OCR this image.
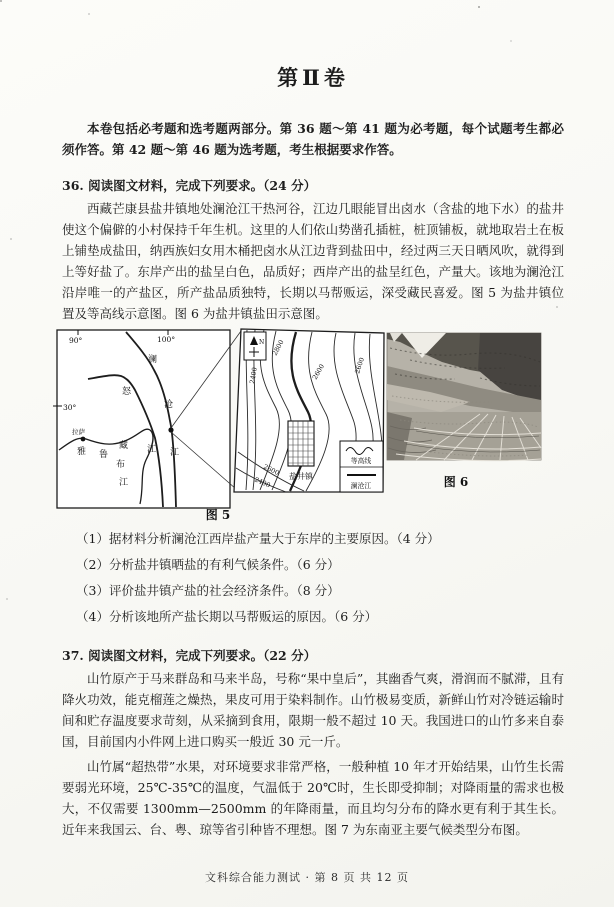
第Ⅱ卷

本卷包括必考题和选考题两部分。第 36 题～第 41 题为必考题，每个试题考生都必须作答。第 42 题～第 46 题为选考题，考生根据要求作答。

36. 阅读图文材料，完成下列要求。（24 分）

西藏芒康县盐井镇地处澜沧江干热河谷，江边几眼能冒出卤水（含盐的地下水）的盐井使这个偏僻的小村保持千年生机。这里的人们依山势凿孔插桩，桩顶铺板，就地取岩土在板上铺垫成盐田，纳西族妇女用木桶把卤水从江边背到盐田中，经过两三天日晒风吹，就得到上等好盐了。东岸产出的盐呈白色，品质好；西岸产出的盐呈红色，产量大。该地为澜沧江沿岸唯一的产盐区，所产盐品质独特，长期以马帮贩运，深受藏民喜爱。图 5 为盐井镇位置及等高线示意图。图 6 为盐井镇盐田示意图。

90°	100°
30°
拉萨
澜
沧
江
怒
江
雅 鲁
藏
布
江
2800
2400	2600	2600
2600
2400
N
盐井镇
等高线
澜沧江
图 5
图 6

（1）据材料分析澜沧江西岸盐产量大于东岸的主要原因。（4 分）

（2）分析盐井镇晒盐的有利气候条件。（6 分）

（3）评价盐井镇产盐的社会经济条件。（8 分）

（4）分析该地所产盐长期以马帮贩运的原因。（6 分）

37. 阅读图文材料，完成下列要求。（22 分）

山竹原产于马来群岛和马来半岛，号称“果中皇后”，其幽香气爽，滑润而不腻滞，且有降火功效，能克榴莲之燥热，果皮可用于染料制作。山竹极易变质，新鲜山竹对冷链运输时间和贮存温度要求苛刻，从采摘到食用，限期一般不超过 10 天。我国进口的山竹多来自泰国，目前国内小件网上进口购买一般近 30 元一斤。

山竹属“超热带”水果，对环境要求非常严格，一般种植 10 年才开始结果，山竹生长需要弱光环境，25℃-35℃的温度，气温低于 20℃时，生长即受抑制；对降雨量的需求也极大，不仅需要 1300mm—2500mm 的年降雨量，而且均匀分布的降水更有利于其生长。近年来我国云、台、粤、琼等省引种皆不理想。图 7 为东南亚主要气候类型分布图。

文科综合能力测试 · 第 8 页 共 12 页
